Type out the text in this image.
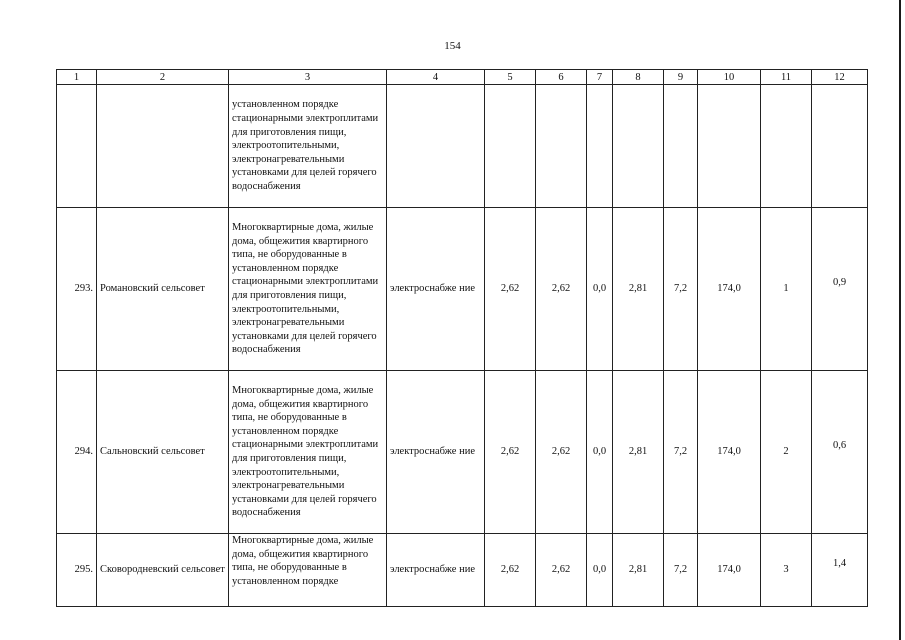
154
1	2	3	4	5	6	7	8	9	10	11	12
		установленном порядке стационарными электроплитами для приготовления пищи, электроотопительными, электронагревательными установками для целей горячего водоснабжения									
293.	Романовский сельсовет	Многоквартирные дома, жилые дома, общежития квартирного типа, не оборудованные в установленном порядке стационарными электроплитами для приготовления пищи, электроотопительными, электронагревательными установками для целей горячего водоснабжения	электроснабже ние	2,62	2,62	0,0	2,81	7,2	174,0	1	0,9
294.	Сальновский сельсовет	Многоквартирные дома, жилые дома, общежития квартирного типа, не оборудованные в установленном порядке стационарными электроплитами для приготовления пищи, электроотопительными, электронагревательными установками для целей горячего водоснабжения	электроснабже ние	2,62	2,62	0,0	2,81	7,2	174,0	2	0,6
295.	Сковородневский сельсовет	Многоквартирные дома, жилые дома, общежития квартирного типа, не оборудованные в установленном порядке	электроснабже ние	2,62	2,62	0,0	2,81	7,2	174,0	3	1,4
